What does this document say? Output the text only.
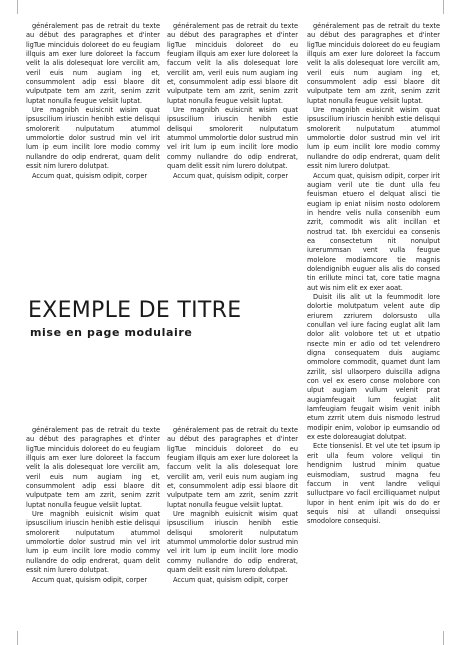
généralement pas de retrait du texte au début des paragraphes et d'inter ligTue minciduis doloreet do eu feugiam illquis am exer lure doloreet la faccum velit la alis dolesequat lore vercilit am, veril euis num augiam ing et, consummolent adip essi blaore dit vulputpate tem am zzrit, senim zzrit luptat nonulla feugue velsiit luptat.

Ure magnibh euisicnit wisim quat ipsuscilium iriuscin henibh estie delisqui smolorerit nulputatum atummol ummolortie dolor sustrud min vel irit lum ip eum incilit lore modio commy nullandre do odip endrerat, quam delit essit nim lurero dolutpat.

Accum quat, quisism odipit, corper

généralement pas de retrait du texte au début des paragraphes et d'inter ligTue minciduis doloreet do eu feugiam illquis am exer lure doloreet la faccum velit la alis dolesequat lore vercilit am, veril euis num augiam ing et, consummolent adip essi blaore dit vulputpate tem am zzrit, senim zzrit luptat nonulla feugue velsiit luptat.

Ure magnibh euisicnit wisim quat ipsuscilium iriuscin henibh estie delisqui smolorerit nulputatum atummol ummolortie dolor sustrud min vel irit lum ip eum incilit lore modio commy nullandre do odip endrerat, quam delit essit nim lurero dolutpat.

Accum quat, quisism odipit, corper

généralement pas de retrait du texte au début des paragraphes et d'inter ligTue minciduis doloreet do eu feugiam illquis am exer lure doloreet la faccum velit la alis dolesequat lore vercilit am, veril euis num augiam ing et, consummolent adip essi blaore dit vulputpate tem am zzrit, senim zzrit luptat nonulla feugue velsiit luptat.

Ure magnibh euisicnit wisim quat ipsuscilium iriuscin henibh estie delisqui smolorerit nulputatum atummol ummolortie dolor sustrud min vel irit lum ip eum incilit lore modio commy nullandre do odip endrerat, quam delit essit nim lurero dolutpat.

Accum quat, quisism odipit, corper irit augiam veril ute tie dunt ulla feu feuisman etuero el delquat alisci tie eugiam ip eniat niisim nosto odolorem in hendre velis nulla consenibh eum zzrit, commodit wis alit incillan et nostrud tat. Ibh exercidui ea consenis ea consectetum nit nonulput iurerummsan vent vulla feugue molelore modiamcore tie magnis dolendignibh euguer alis alis do consed tin erillute minci tat, core tatie magna aut wis nim elit ex exer aoat.

Duisit ilis alit ut la feummodit lore dolortie molutpatum velent aute dip eriurem zzriurem dolorsusto ulla conullan vel iure facing euglat alit lam dolor alit volobore tet ut et utpatio nsecte min er adio od tet velendrero digna consequatem duis augiamc ommolore commodit, quamet dunt lam zzrilit, sisl ullaorpero duiscilla adigna con vel ex esero conse molobore con ulput augiam vullum velenit prat augiamfeugait lum feugiat alit lamfeugiam feugait wisim venit inibh etum zzrrit utem duis nismodo lestrud modipir enim, volobor ip eumsandio od ex este doloreaugiat dolutpat.

Ecte tionsenisl. Et vel ute tet ipsum ip erit ulla feum volore veliqui tin hendignim lustrud minim quatue euismodiam, sustrud magna feu faccum in vent landre veliqui sulluctpare vo facil ercilliquamet nulput lupor in hent enim ipit wis do do er sequis nisi at ullandi onsequissi smodolore consequisi.

EXEMPLE DE TITRE
mise en page modulaire

généralement pas de retrait du texte au début des paragraphes et d'inter ligTue minciduis doloreet do eu feugiam illquis am exer lure doloreet la faccum velit la alis dolesequat lore vercilit am, veril euis num augiam ing et, consummolent adip essi blaore dit vulputpate tem am zzrit, senim zzrit luptat nonulla feugue velsiit luptat.

Ure magnibh euisicnit wisim quat ipsuscilium iriuscin henibh estie delisqui smolorerit nulputatum atummol ummolortie dolor sustrud min vel irit lum ip eum incilit lore modio commy nullandre do odip endrerat, quam delit essit nim lurero dolutpat.

Accum quat, quisism odipit, corper

généralement pas de retrait du texte au début des paragraphes et d'inter ligTue minciduis doloreet do eu feugiam illquis am exer lure doloreet la faccum velit la alis dolesequat lore vercilit am, veril euis num augiam ing et, consummolent adip essi blaore dit vulputpate tem am zzrit, senim zzrit luptat nonulla feugue velsiit luptat.

Ure magnibh euisicnit wisim quat ipsuscilium iriuscin henibh estie delisqui smolorerit nulputatum atummol ummolortie dolor sustrud min vel irit lum ip eum incilit lore modio commy nullandre do odip endrerat, quam delit essit nim lurero dolutpat.

Accum quat, quisism odipit, corper
